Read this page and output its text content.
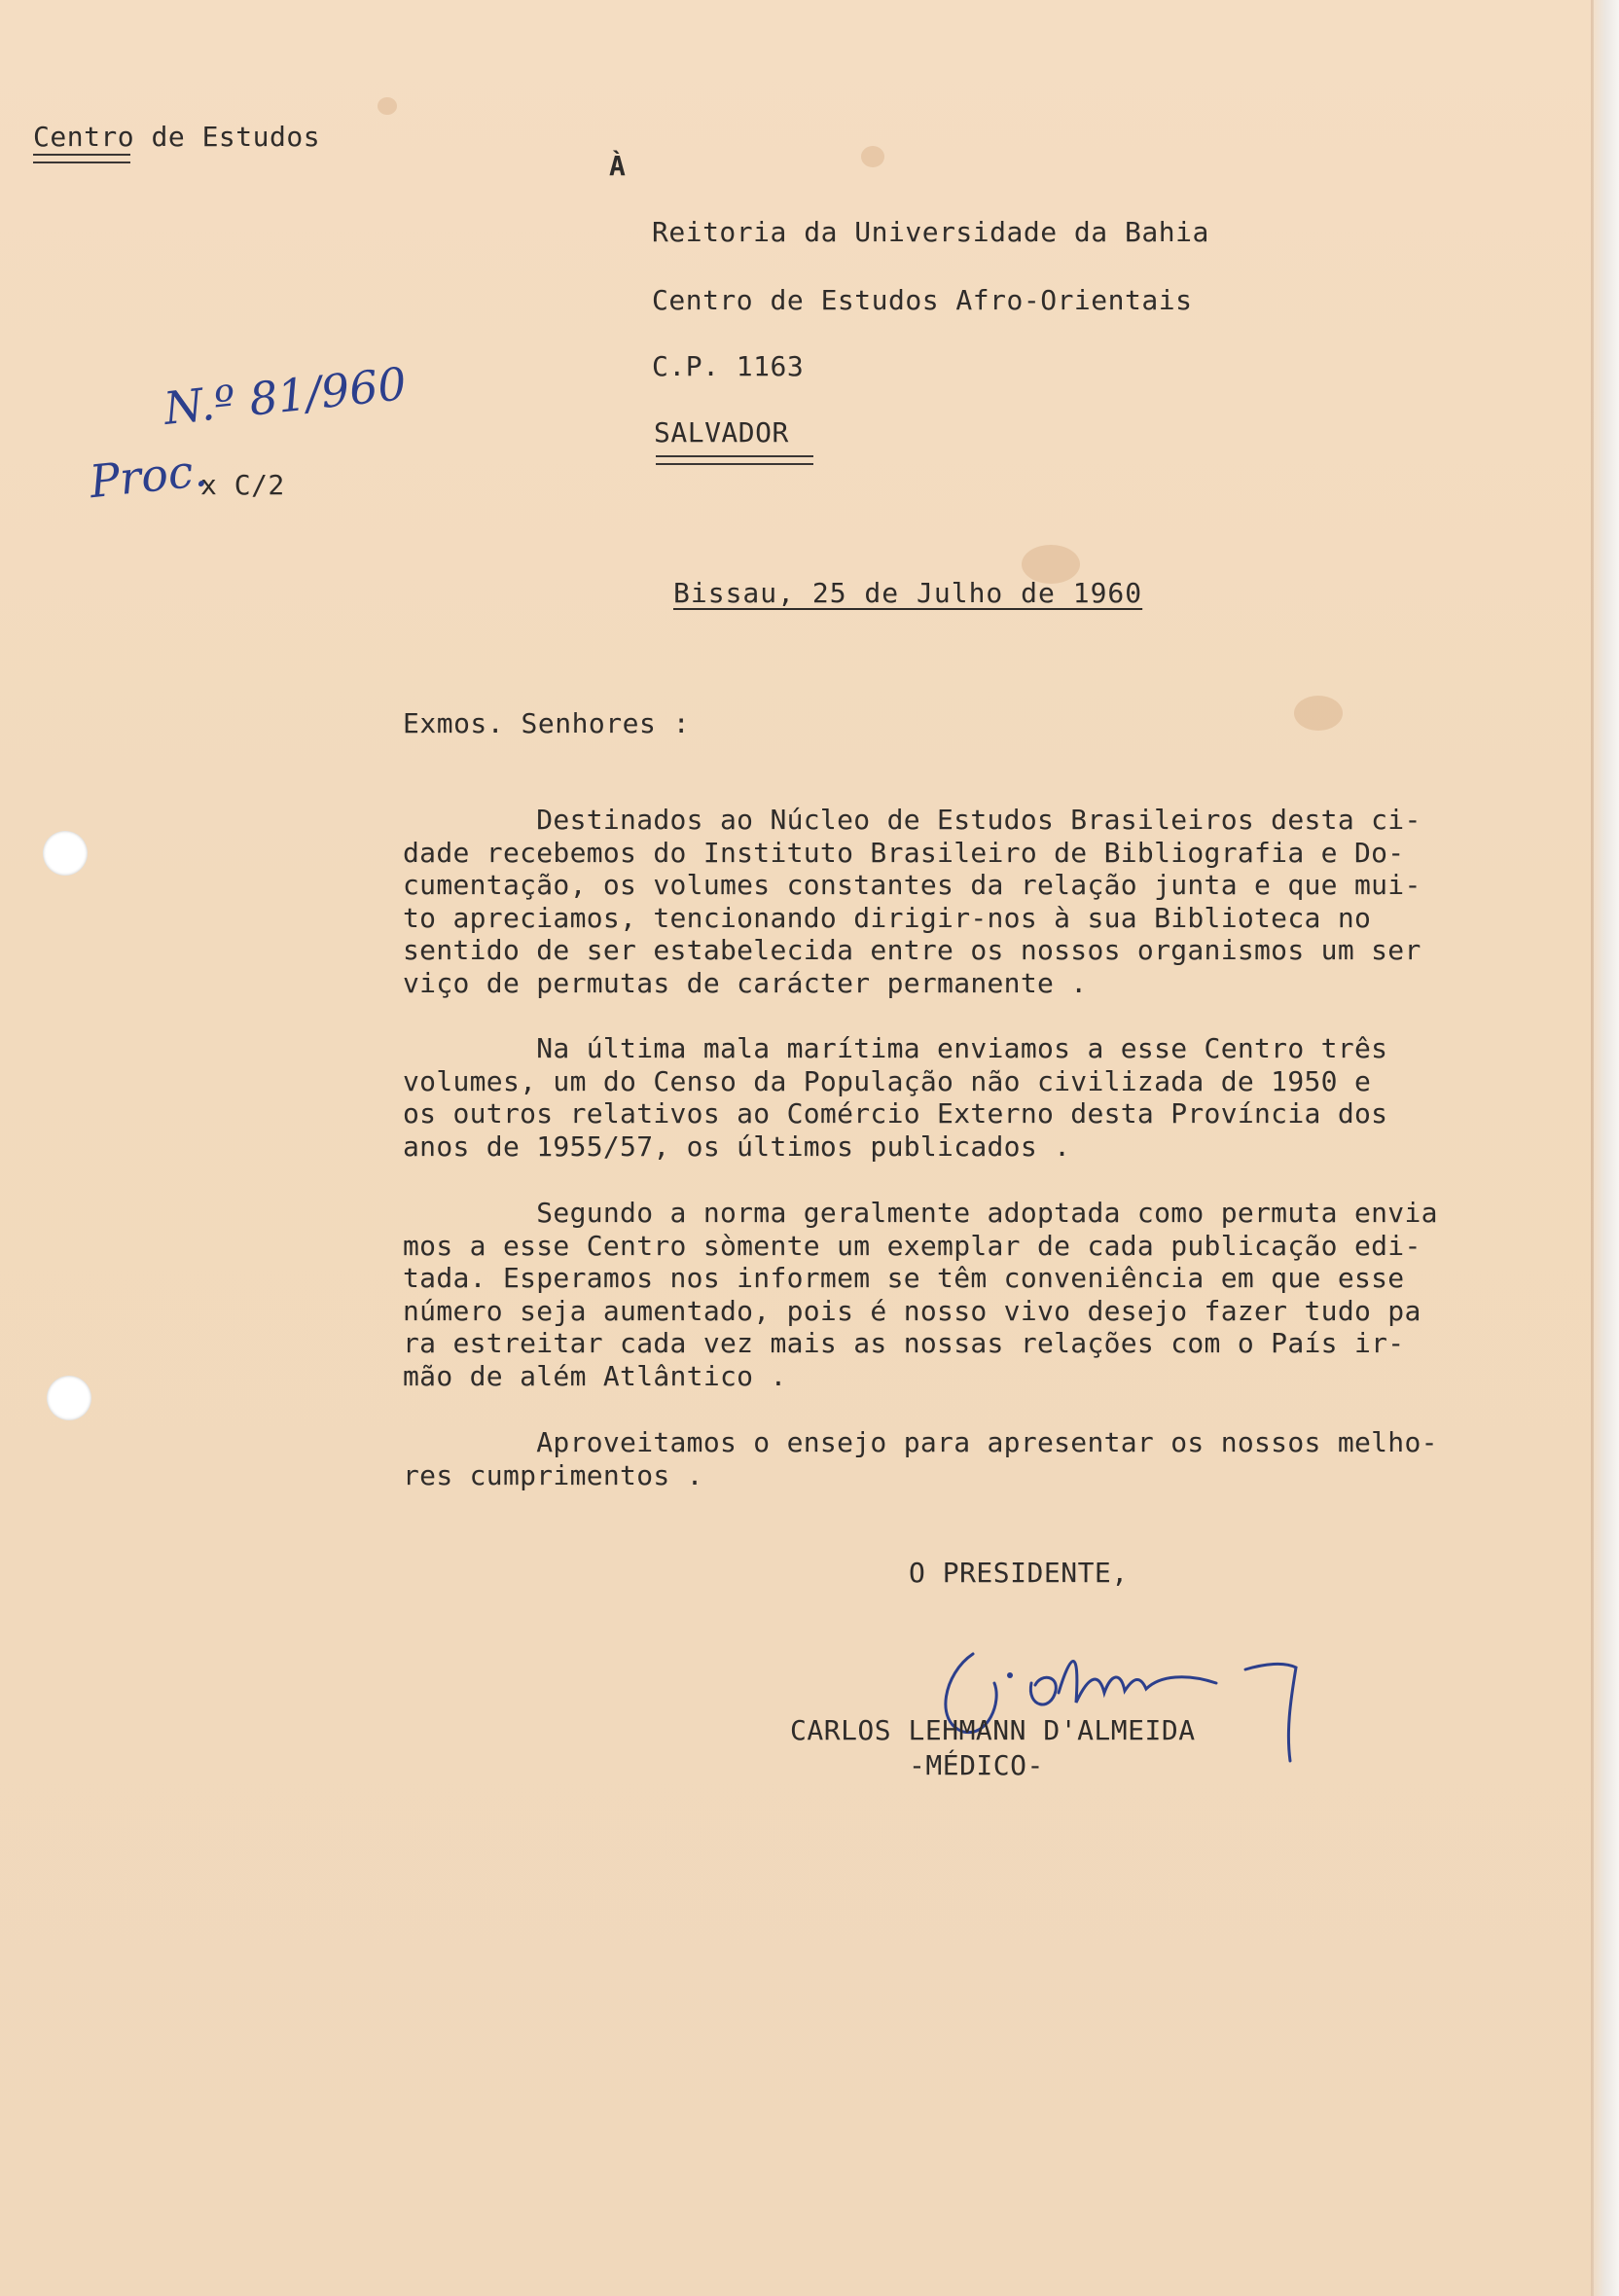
Centro de Estudos
N.º 81/960
Proc.
x C/2
À
Reitoria da Universidade da Bahia
Centro de Estudos Afro-Orientais
C.P. 1163
SALVADOR
Bissau, 25 de Julho de 1960
Exmos. Senhores :

Destinados ao Núcleo de Estudos Brasileiros desta ci-

dade recebemos do Instituto Brasileiro de Bibliografia e Do-

cumentação, os volumes constantes da relação junta e que mui-

to apreciamos, tencionando dirigir-nos à sua Biblioteca no

sentido de ser estabelecida entre os nossos organismos um ser

viço de permutas de carácter permanente .

Na última mala marítima enviamos a esse Centro três

volumes, um do Censo da População não civilizada de 1950 e

os outros relativos ao Comércio Externo desta Província dos

anos de 1955/57, os últimos publicados .

Segundo a norma geralmente adoptada como permuta envia

mos a esse Centro sòmente um exemplar de cada publicação edi-

tada. Esperamos nos informem se têm conveniência em que esse

número seja aumentado, pois é nosso vivo desejo fazer tudo pa

ra estreitar cada vez mais as nossas relações com o País ir-

mão de além Atlântico .

Aproveitamos o ensejo para apresentar os nossos melho-

res cumprimentos .

O PRESIDENTE,
CARLOS LEHMANN D'ALMEIDA
-MÉDICO-
